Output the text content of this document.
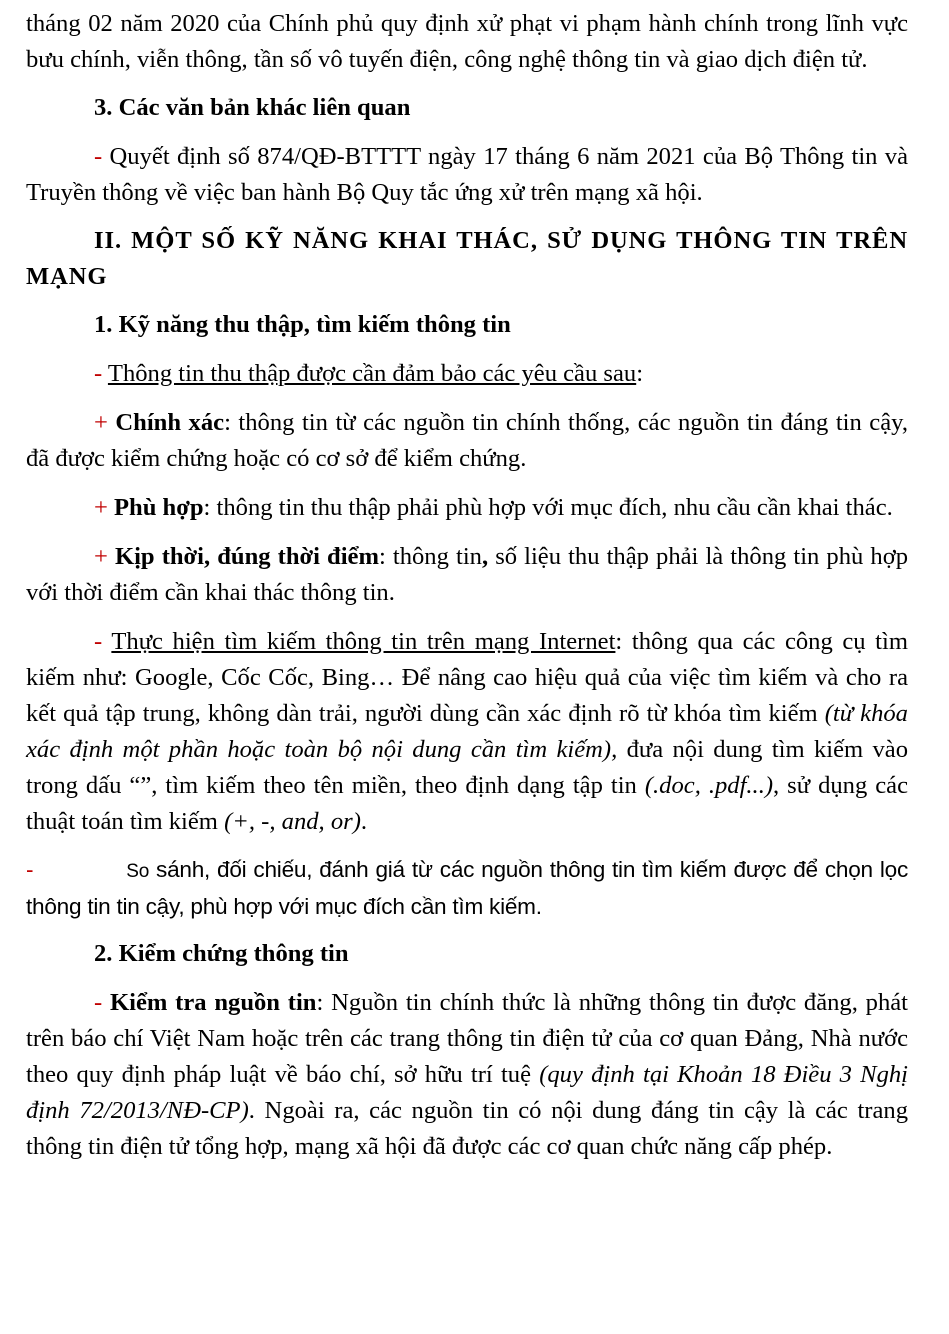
tháng 02 năm 2020 của Chính phủ quy định xử phạt vi phạm hành chính trong lĩnh vực bưu chính, viễn thông, tần số vô tuyến điện, công nghệ thông tin và giao dịch điện tử.

3. Các văn bản khác liên quan

- Quyết định số 874/QĐ-BTTTT ngày 17 tháng 6 năm 2021 của Bộ Thông tin và Truyền thông về việc ban hành Bộ Quy tắc ứng xử trên mạng xã hội.

II. MỘT SỐ KỸ NĂNG KHAI THÁC, SỬ DỤNG THÔNG TIN TRÊN MẠNG

1. Kỹ năng thu thập, tìm kiếm thông tin

- Thông tin thu thập được cần đảm bảo các yêu cầu sau:

+ Chính xác: thông tin từ các nguồn tin chính thống, các nguồn tin đáng tin cậy, đã được kiểm chứng hoặc có cơ sở để kiểm chứng.

+ Phù hợp: thông tin thu thập phải phù hợp với mục đích, nhu cầu cần khai thác.

+ Kịp thời, đúng thời điểm: thông tin, số liệu thu thập phải là thông tin phù hợp với thời điểm cần khai thác thông tin.

- Thực hiện tìm kiếm thông tin trên mạng Internet: thông qua các công cụ tìm kiếm như: Google, Cốc Cốc, Bing… Để nâng cao hiệu quả của việc tìm kiếm và cho ra kết quả tập trung, không dàn trải, người dùng cần xác định rõ từ khóa tìm kiếm (từ khóa xác định một phần hoặc toàn bộ nội dung cần tìm kiếm), đưa nội dung tìm kiếm vào trong dấu “”, tìm kiếm theo tên miền, theo định dạng tập tin (.doc, .pdf...), sử dụng các thuật toán tìm kiếm (+, -, and, or).

-	So sánh, đối chiếu, đánh giá từ các nguồn thông tin tìm kiếm được để chọn lọc thông tin tin cậy, phù hợp với mục đích cần tìm kiếm.

2. Kiểm chứng thông tin

- Kiểm tra nguồn tin: Nguồn tin chính thức là những thông tin được đăng, phát trên báo chí Việt Nam hoặc trên các trang thông tin điện tử của cơ quan Đảng, Nhà nước theo quy định pháp luật về báo chí, sở hữu trí tuệ (quy định tại Khoản 18 Điều 3 Nghị định 72/2013/NĐ-CP). Ngoài ra, các nguồn tin có nội dung đáng tin cậy là các trang thông tin điện tử tổng hợp, mạng xã hội đã được các cơ quan chức năng cấp phép.
